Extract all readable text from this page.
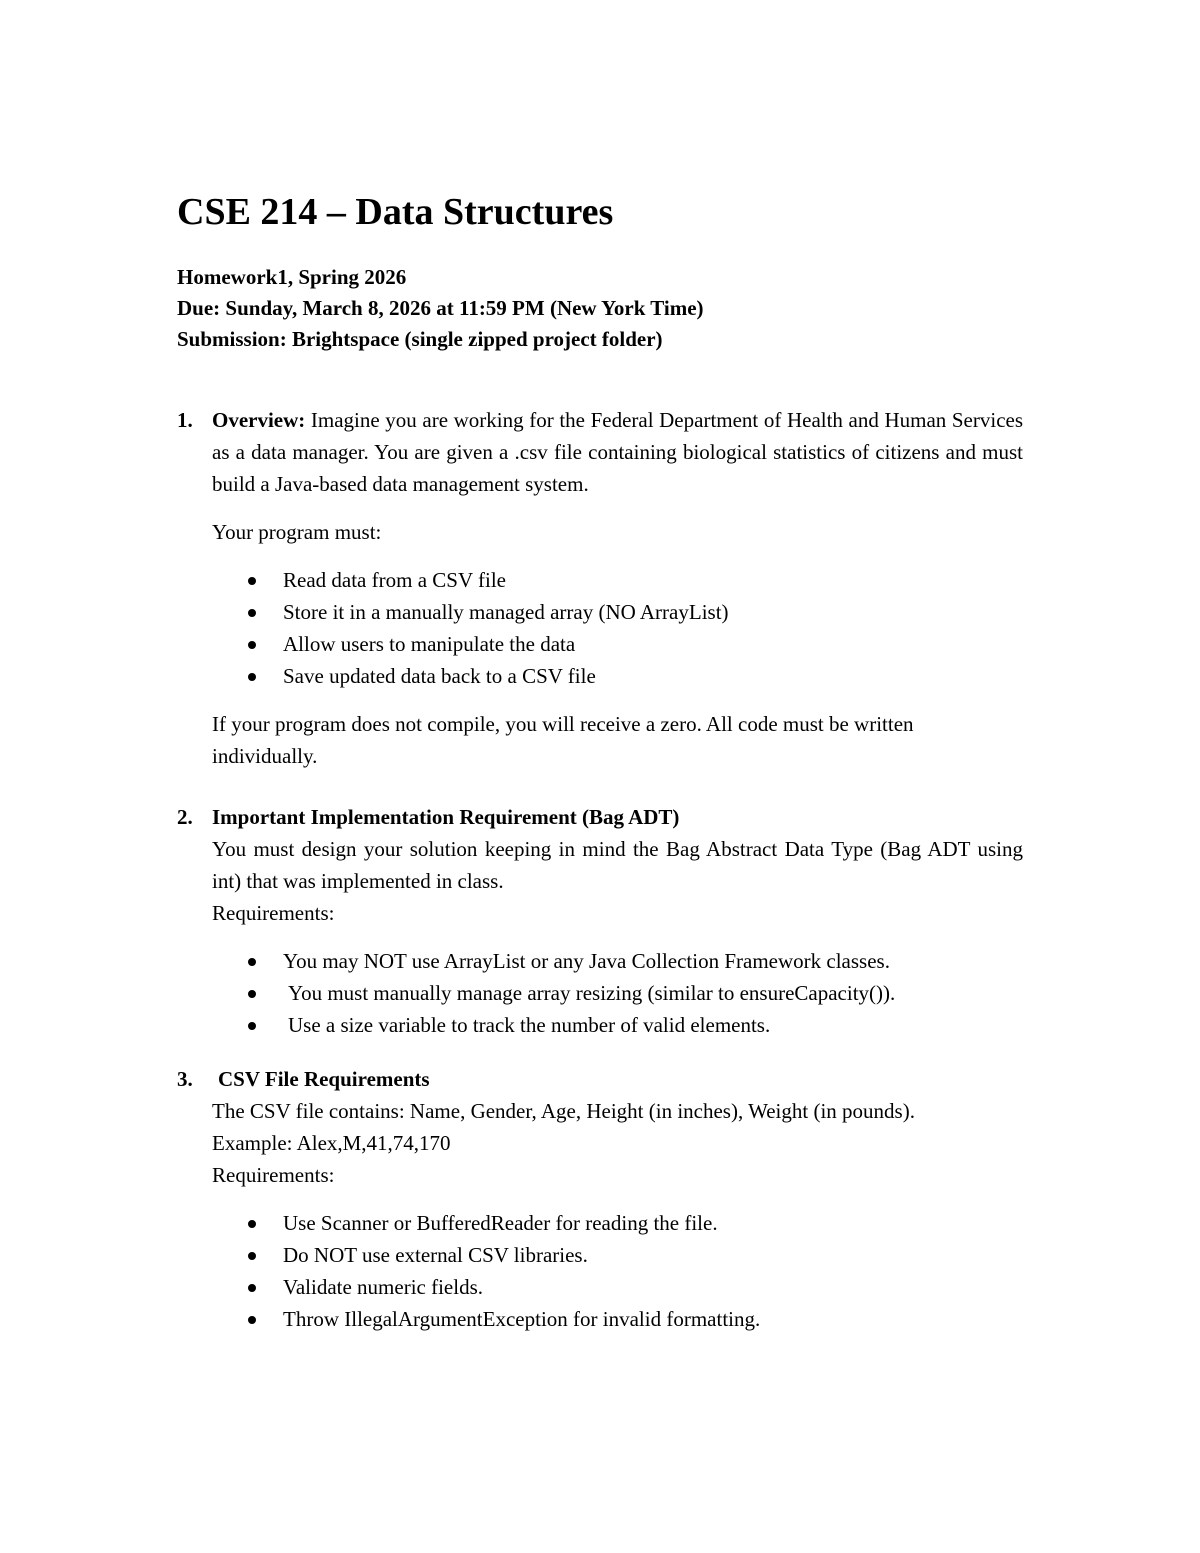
CSE 214 – Data Structures
Homework1, Spring 2026
Due: Sunday, March 8, 2026 at 11:59 PM (New York Time)
Submission: Brightspace (single zipped project folder)
1. Overview: Imagine you are working for the Federal Department of Health and Human Services as a data manager. You are given a .csv file containing biological statistics of citizens and must build a Java-based data management system.

Your program must:

Read data from a CSV file
Store it in a manually managed array (NO ArrayList)
Allow users to manipulate the data
Save updated data back to a CSV file

If your program does not compile, you will receive a zero. All code must be written individually.

2. Important Implementation Requirement (Bag ADT)

You must design your solution keeping in mind the Bag Abstract Data Type (Bag ADT using int) that was implemented in class.

Requirements:

You may NOT use ArrayList or any Java Collection Framework classes.
You must manually manage array resizing (similar to ensureCapacity()).
Use a size variable to track the number of valid elements.
3. CSV File Requirements

The CSV file contains: Name, Gender, Age, Height (in inches), Weight (in pounds).

Example: Alex,M,41,74,170

Requirements:

Use Scanner or BufferedReader for reading the file.
Do NOT use external CSV libraries.
Validate numeric fields.
Throw IllegalArgumentException for invalid formatting.
